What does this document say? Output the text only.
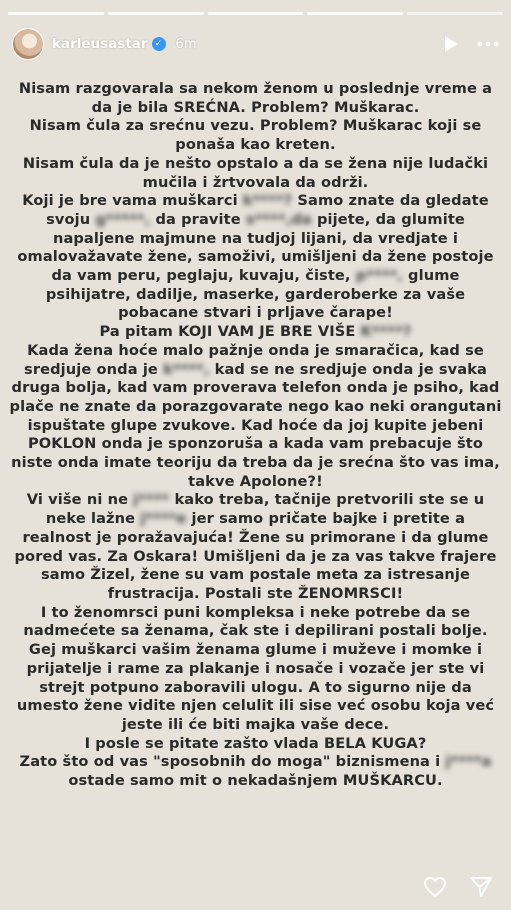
karleusastar ✓ 6m
Nisam razgovarala sa nekom ženom u poslednje vreme a
da je bila SREĆNA. Problem? Muškarac.
Nisam čula za srećnu vezu. Problem? Muškarac koji se
ponaša kao kreten.
Nisam čula da je nešto opstalo a da se žena nije ludački
mučila i žrtvovala da održi.
Koji je bre vama muškarci k****? Samo znate da gledate
svoju g*****, da pravite s****,da pijete, da glumite
napaljene majmune na tudjoj lijani, da vredjate i
omalovažavate žene, samoživi, umišljeni da žene postoje
da vam peru, peglaju, kuvaju, čiste, p****, glume
psihijatre, dadilje, maserke, garderoberke za vaše
pobacane stvari i prljave čarape!
Pa pitam KOJI VAM JE BRE VIŠE K****?
Kada žena hoće malo pažnje onda je smaračica, kad se
sredjuje onda je k****, kad se ne sredjuje onda je svaka
druga bolja, kad vam proverava telefon onda je psiho, kad
plače ne znate da porazgovarate nego kao neki orangutani
ispuštate glupe zvukove. Kad hoće da joj kupite jebeni
POKLON onda je sponzoruša a kada vam prebacuje što
niste onda imate teoriju da treba da je srećna što vas ima,
takve Apolone?!
Vi više ni ne j**** kako treba, tačnije pretvorili ste se u
neke lažne j****e jer samo pričate bajke i pretite a
realnost je poražavajuća! Žene su primorane i da glume
pored vas. Za Oskara! Umišljeni da je za vas takve frajere
samo Žizel, žene su vam postale meta za istresanje
frustracija. Postali ste ŽENOMRSCI!
I to ženomrsci puni kompleksa i neke potrebe da se
nadmećete sa ženama, čak ste i depilirani postali bolje.
Gej muškarci vašim ženama glume i muževe i momke i
prijatelje i rame za plakanje i nosače i vozače jer ste vi
strejt potpuno zaboravili ulogu. A to sigurno nije da
umesto žene vidite njen celulit ili sise već osobu koja već
jeste ili će biti majka vaše dece.
I posle se pitate zašto vlada BELA KUGA?
Zato što od vas "sposobnih do moga" biznismena i j****a
ostade samo mit o nekadašnjem MUŠKARCU.
